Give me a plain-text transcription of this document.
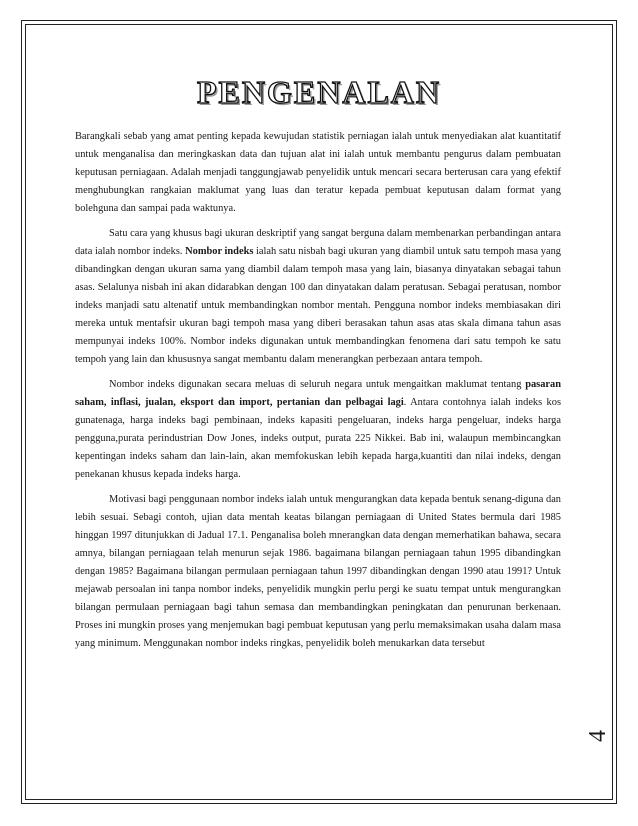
PENGENALAN

Barangkali sebab yang amat penting kepada kewujudan statistik perniagan ialah untuk menyediakan alat kuantitatif untuk menganalisa dan meringkaskan data dan tujuan alat ini ialah untuk membantu pengurus dalam pembuatan keputusan perniagaan. Adalah menjadi tanggungjawab penyelidik untuk mencari secara berterusan cara yang efektif menghubungkan rangkaian maklumat yang luas dan teratur kepada pembuat keputusan dalam format yang bolehguna dan sampai pada waktunya.

Satu cara yang khusus bagi ukuran deskriptif yang sangat berguna dalam membenarkan perbandingan antara data ialah nombor indeks. Nombor indeks ialah satu nisbah bagi ukuran yang diambil untuk satu tempoh masa yang dibandingkan dengan ukuran sama yang diambil dalam tempoh masa yang lain, biasanya dinyatakan sebagai tahun asas. Selalunya nisbah ini akan didarabkan dengan 100 dan dinyatakan dalam peratusan. Sebagai peratusan, nombor indeks manjadi satu altenatif untuk membandingkan nombor mentah. Pengguna nombor indeks membiasakan diri mereka untuk mentafsir ukuran bagi tempoh masa yang diberi berasakan tahun asas atas skala dimana tahun asas mempunyai indeks 100%. Nombor indeks digunakan untuk membandingkan fenomena dari satu tempoh ke satu tempoh yang lain dan khususnya sangat membantu dalam menerangkan perbezaan antara tempoh.

Nombor indeks digunakan secara meluas di seluruh negara untuk mengaitkan maklumat tentang pasaran saham, inflasi, jualan, eksport dan import, pertanian dan pelbagai lagi. Antara contohnya ialah indeks kos gunatenaga, harga indeks bagi pembinaan, indeks kapasiti pengeluaran, indeks harga pengeluar, indeks harga pengguna,purata perindustrian Dow Jones, indeks output, purata 225 Nikkei. Bab ini, walaupun membincangkan kepentingan indeks saham dan lain-lain, akan memfokuskan lebih kepada harga,kuantiti dan nilai indeks, dengan penekanan khusus kepada indeks harga.

Motivasi bagi penggunaan nombor indeks ialah untuk mengurangkan data kepada bentuk senang-diguna dan lebih sesuai. Sebagi contoh, ujian data mentah keatas bilangan perniagaan di United States bermula dari 1985 hinggan 1997 ditunjukkan di Jadual 17.1. Penganalisa boleh mnerangkan data dengan memerhatikan bahawa, secara amnya, bilangan perniagaan telah menurun sejak 1986. bagaimana bilangan perniagaan tahun 1995 dibandingkan dengan 1985? Bagaimana bilangan permulaan perniagaan tahun 1997 dibandingkan dengan 1990 atau 1991? Untuk mejawab persoalan ini tanpa nombor indeks, penyelidik mungkin perlu pergi ke suatu tempat untuk mengurangkan bilangan permulaan perniagaan bagi tahun semasa dan membandingkan peningkatan dan penurunan berkenaan. Proses ini mungkin proses yang menjemukan bagi pembuat keputusan yang perlu memaksimakan usaha dalam masa yang minimum. Menggunakan nombor indeks ringkas, penyelidik boleh menukarkan data tersebut

4
